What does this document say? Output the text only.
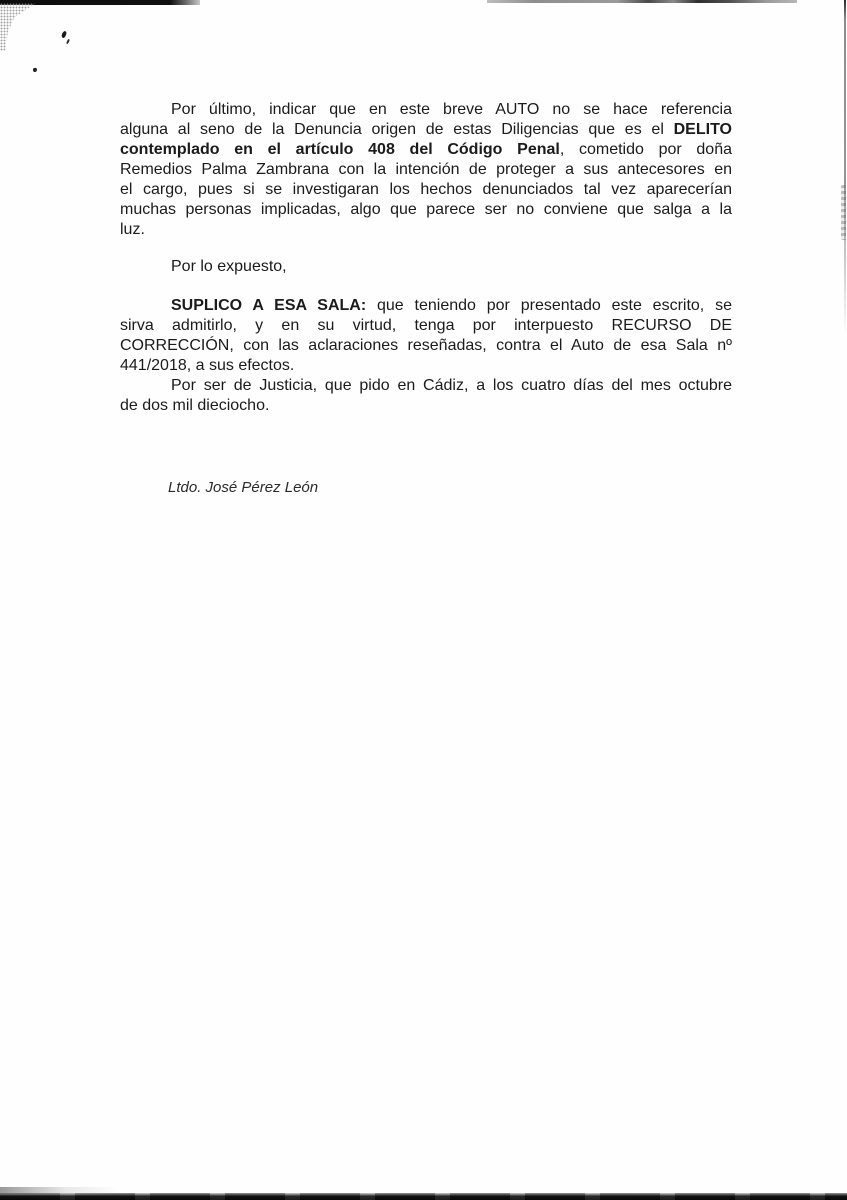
Por último, indicar que en este breve AUTO no se hace referencia
alguna al seno de la Denuncia origen de estas Diligencias que es el DELITO
contemplado en el artículo 408 del Código Penal, cometido por doña
Remedios Palma Zambrana con la intención de proteger a sus antecesores en
el cargo, pues si se investigaran los hechos denunciados tal vez aparecerían
muchas personas implicadas, algo que parece ser no conviene que salga a la
luz.
Por lo expuesto,
SUPLICO A ESA SALA: que teniendo por presentado este escrito, se
sirva admitirlo, y en su virtud, tenga por interpuesto RECURSO DE
CORRECCIÓN, con las aclaraciones reseñadas, contra el Auto de esa Sala nº
441/2018, a sus efectos.
Por ser de Justicia, que pido en Cádiz, a los cuatro días del mes octubre
de dos mil dieciocho.
Ltdo. José Pérez León
